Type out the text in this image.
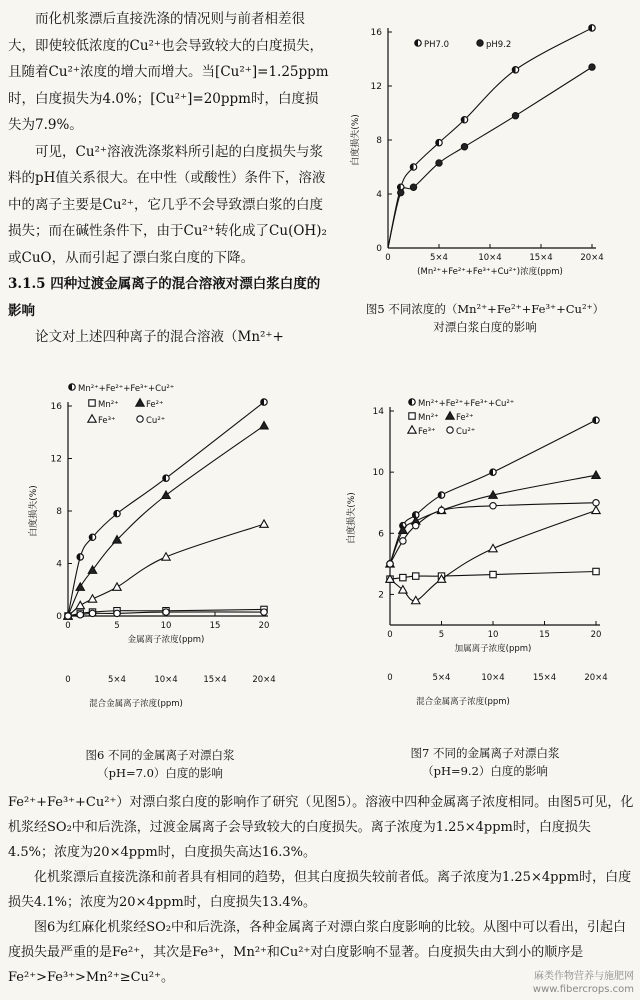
而化机浆漂后直接洗涤的情况则与前者相差很大，即使较低浓度的Cu²⁺也会导致较大的白度损失，且随着Cu²⁺浓度的增大而增大。当[Cu²⁺]=1.25ppm时，白度损失为4.0%；[Cu²⁺]=20ppm时，白度损失为7.9%。

可见，Cu²⁺溶液洗涤浆料所引起的白度损失与浆料的pH值关系很大。在中性（或酸性）条件下，溶液中的离子主要是Cu²⁺，它几乎不会导致漂白浆的白度损失；而在碱性条件下，由于Cu²⁺转化成了Cu(OH)₂或CuO，从而引起了漂白浆白度的下降。

3.1.5 四种过渡金属离子的混合溶液对漂白浆白度的影响

论文对上述四种离子的混合溶液（Mn²⁺+

0
4
8
12
16
0	5×4	10×4	15×4	20×4
(Mn²⁺+Fe²⁺+Fe³⁺+Cu²⁺)浓度(ppm)
白度损失(%)
PH7.0	pH9.2
图5 不同浓度的（Mn²⁺+Fe²⁺+Fe³⁺+Cu²⁺）
对漂白浆白度的影响
0
4
8
12
16
0	5	10	15	20
金属离子浓度(ppm)
0	5×4	10×4	15×4	20×4
混合金属离子浓度(ppm)
白度损失(%)
Mn²⁺+Fe²⁺+Fe³⁺+Cu²⁺
Mn²⁺	Fe²⁺
Fe³⁺	Cu²⁺
图6 不同的金属离子对漂白浆
（pH=7.0）白度的影响
2
6
10
14
0	5	10	15	20
加属离子浓度(ppm)
0	5×4	10×4	15×4	20×4
混合金属离子浓度(ppm)
白度损失(%)
Mn²⁺+Fe²⁺+Fe³⁺+Cu²⁺
Mn²⁺ Fe²⁺
Fe³⁺ Cu²⁺
图7 不同的金属离子对漂白浆
（pH=9.2）白度的影响

Fe²⁺+Fe³⁺+Cu²⁺）对漂白浆白度的影响作了研究（见图5）。溶液中四种金属离子浓度相同。由图5可见，化机浆经SO₂中和后洗涤，过渡金属离子会导致较大的白度损失。离子浓度为1.25×4ppm时，白度损失4.5%；浓度为20×4ppm时，白度损失高达16.3%。

化机浆漂后直接洗涤和前者具有相同的趋势，但其白度损失较前者低。离子浓度为1.25×4ppm时，白度损失4.1%；浓度为20×4ppm时，白度损失13.4%。

图6为红麻化机浆经SO₂中和后洗涤，各种金属离子对漂白浆白度影响的比较。从图中可以看出，引起白度损失最严重的是Fe²⁺，其次是Fe³⁺，Mn²⁺和Cu²⁺对白度影响不显著。白度损失由大到小的顺序是Fe²⁺>Fe³⁺>Mn²⁺≥Cu²⁺。	麻类作物营养与施肥网
www.fibercrops.com
